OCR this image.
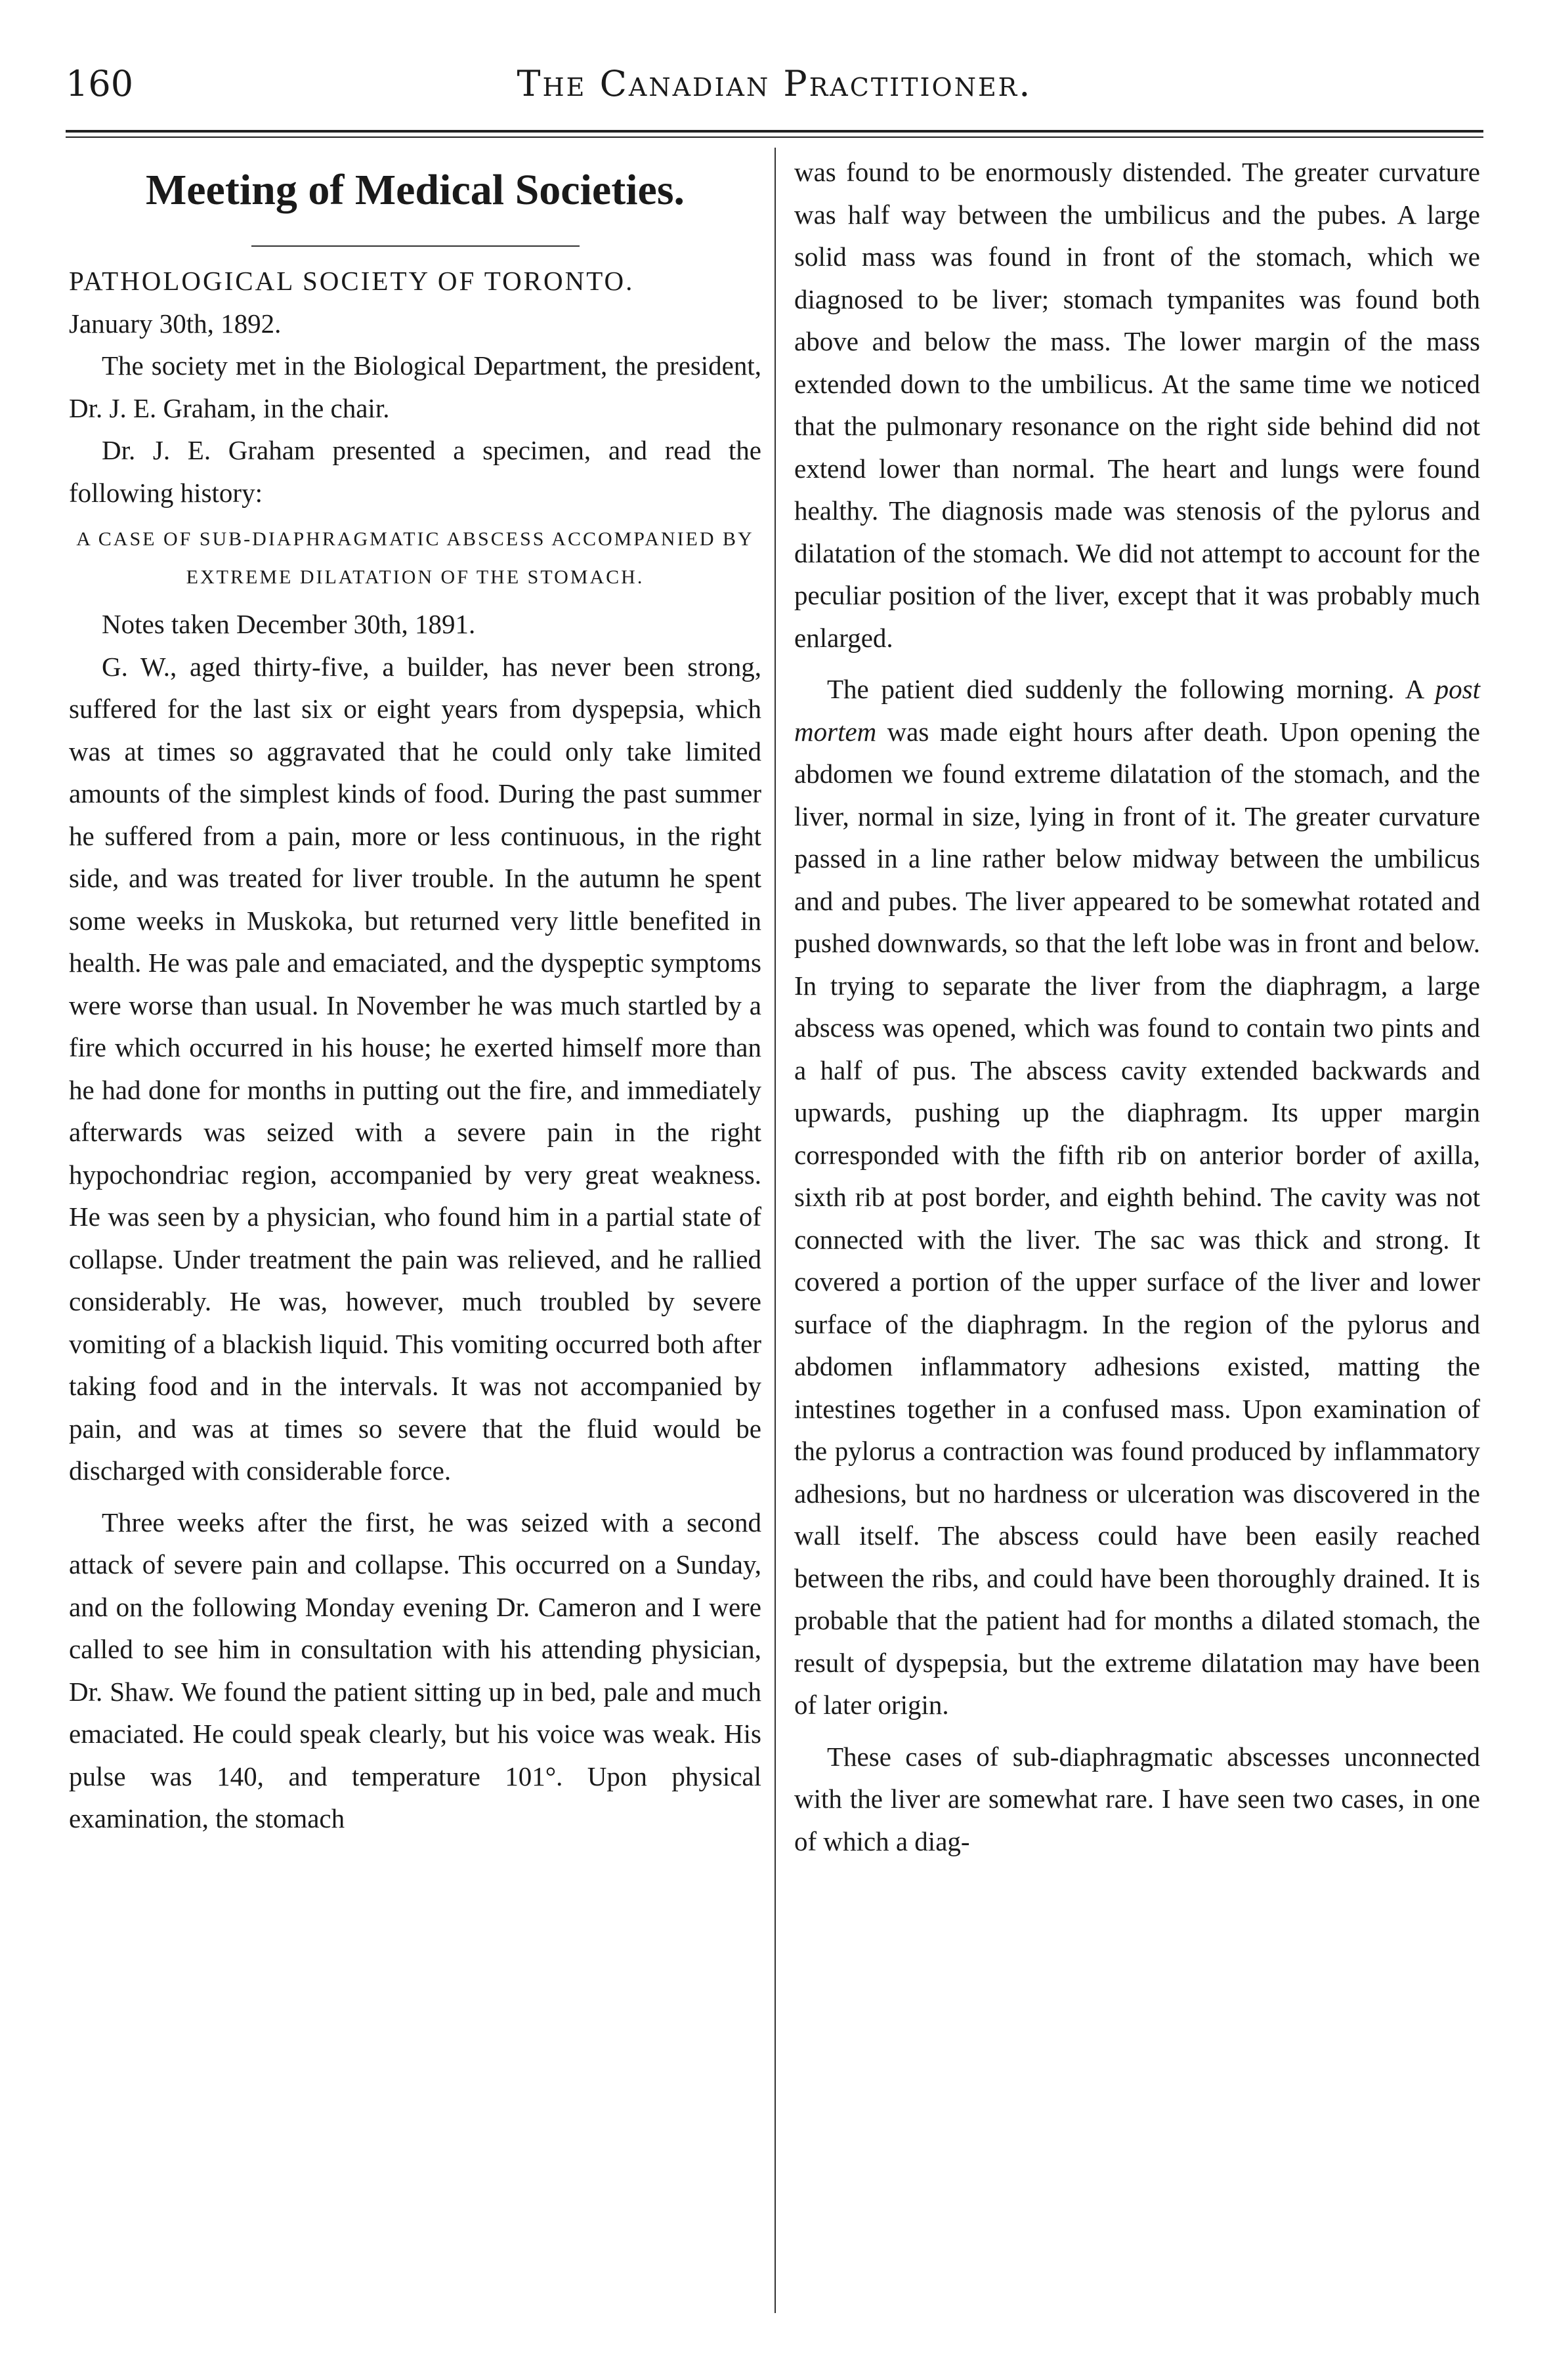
160	The Canadian Practitioner.
Meeting of Medical Societies.

PATHOLOGICAL SOCIETY OF TORONTO.

January 30th, 1892.

The society met in the Biological Department, the president, Dr. J. E. Graham, in the chair.

Dr. J. E. Graham presented a specimen, and read the following history:

A CASE OF SUB-DIAPHRAGMATIC ABSCESS ACCOMPANIED BY EXTREME DILATATION OF THE STOMACH.

Notes taken December 30th, 1891.

G. W., aged thirty-five, a builder, has never been strong, suffered for the last six or eight years from dyspepsia, which was at times so aggravated that he could only take limited amounts of the simplest kinds of food. During the past summer he suffered from a pain, more or less continuous, in the right side, and was treated for liver trouble. In the autumn he spent some weeks in Muskoka, but returned very little benefited in health. He was pale and emaciated, and the dyspeptic symptoms were worse than usual. In November he was much startled by a fire which occurred in his house; he exerted himself more than he had done for months in putting out the fire, and immediately afterwards was seized with a severe pain in the right hypochondriac region, accompanied by very great weakness. He was seen by a physician, who found him in a partial state of collapse. Under treatment the pain was relieved, and he rallied considerably. He was, however, much troubled by severe vomiting of a blackish liquid. This vomiting occurred both after taking food and in the intervals. It was not accompanied by pain, and was at times so severe that the fluid would be discharged with considerable force.

Three weeks after the first, he was seized with a second attack of severe pain and collapse. This occurred on a Sunday, and on the following Monday evening Dr. Cameron and I were called to see him in consultation with his attending physician, Dr. Shaw. We found the patient sitting up in bed, pale and much emaciated. He could speak clearly, but his voice was weak. His pulse was 140, and temperature 101°. Upon physical examination, the stomach

was found to be enormously distended. The greater curvature was half way between the umbilicus and the pubes. A large solid mass was found in front of the stomach, which we diagnosed to be liver; stomach tympanites was found both above and below the mass. The lower margin of the mass extended down to the umbilicus. At the same time we noticed that the pulmonary resonance on the right side behind did not extend lower than normal. The heart and lungs were found healthy. The diagnosis made was stenosis of the pylorus and dilatation of the stomach. We did not attempt to account for the peculiar position of the liver, except that it was probably much enlarged.

The patient died suddenly the following morning. A post mortem was made eight hours after death. Upon opening the abdomen we found extreme dilatation of the stomach, and the liver, normal in size, lying in front of it. The greater curvature passed in a line rather below midway between the umbilicus and and pubes. The liver appeared to be somewhat rotated and pushed downwards, so that the left lobe was in front and below. In trying to separate the liver from the diaphragm, a large abscess was opened, which was found to contain two pints and a half of pus. The abscess cavity extended backwards and upwards, pushing up the diaphragm. Its upper margin corresponded with the fifth rib on anterior border of axilla, sixth rib at post border, and eighth behind. The cavity was not connected with the liver. The sac was thick and strong. It covered a portion of the upper surface of the liver and lower surface of the diaphragm. In the region of the pylorus and abdomen inflammatory adhesions existed, matting the intestines together in a confused mass. Upon examination of the pylorus a contraction was found produced by inflammatory adhesions, but no hardness or ulceration was discovered in the wall itself. The abscess could have been easily reached between the ribs, and could have been thoroughly drained. It is probable that the patient had for months a dilated stomach, the result of dyspepsia, but the extreme dilatation may have been of later origin.

These cases of sub-diaphragmatic abscesses unconnected with the liver are somewhat rare. I have seen two cases, in one of which a diag-
